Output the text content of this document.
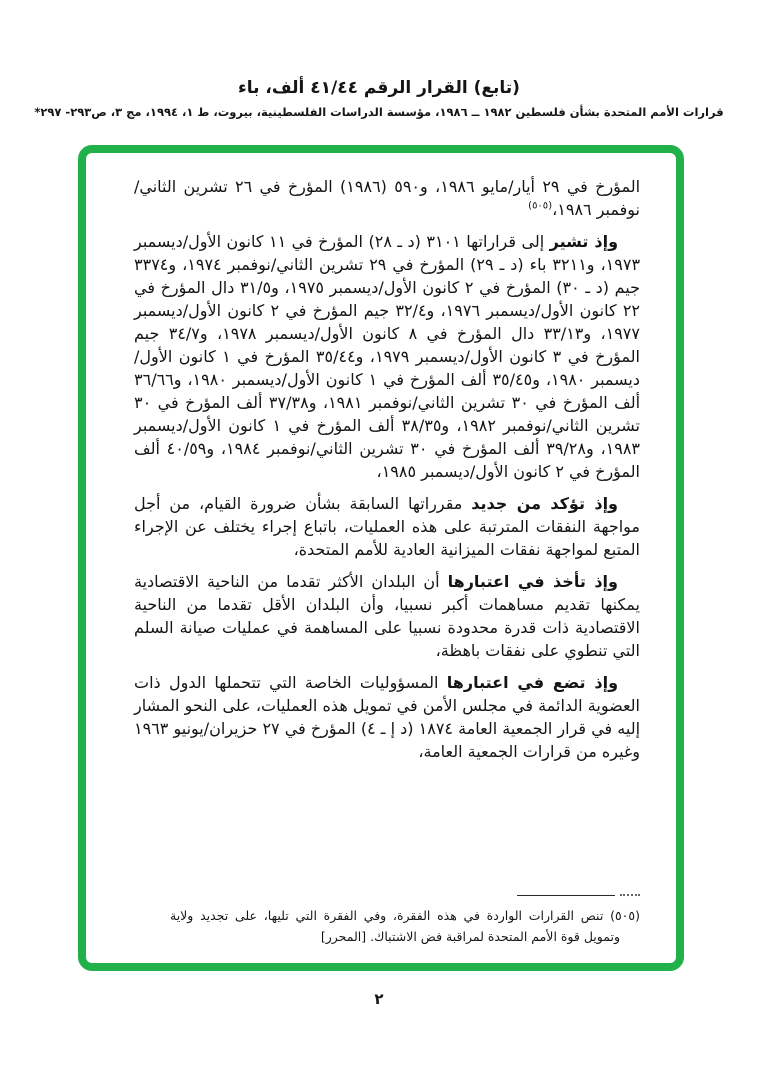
(تابع) القرار الرقم ٤١/٤٤ ألف، باء
قرارات الأمم المتحدة بشأن فلسطين ١٩٨٢ ــ ١٩٨٦، مؤسسة الدراسات الفلسطينية، بيروت، ط ١، ١٩٩٤، مج ٣، ص٢٩٣- ٢٩٧*

المؤرخ في ٢٩ أيار/مايو ١٩٨٦، و٥٩٠ (١٩٨٦) المؤرخ في ٢٦ تشرين الثاني/نوفمبر ١٩٨٦،$^{(٥٠٥)}$

وإذ تشير إلى قراراتها ٣١٠١ (د ـ ٢٨) المؤرخ في ١١ كانون الأول/ديسمبر ١٩٧٣، و٣٢١١ باء (د ـ ٢٩) المؤرخ في ٢٩ تشرين الثاني/نوفمبر ١٩٧٤، و٣٣٧٤ جيم (د ـ ٣٠) المؤرخ في ٢ كانون الأول/ديسمبر ١٩٧٥، و٣١/٥ دال المؤرخ في ٢٢ كانون الأول/ديسمبر ١٩٧٦، و٣٢/٤ جيم المؤرخ في ٢ كانون الأول/ديسمبر ١٩٧٧، و٣٣/١٣ دال المؤرخ في ٨ كانون الأول/ديسمبر ١٩٧٨، و٣٤/٧ جيم المؤرخ في ٣ كانون الأول/ديسمبر ١٩٧٩، و٣٥/٤٤ المؤرخ في ١ كانون الأول/ديسمبر ١٩٨٠، و٣٥/٤٥ ألف المؤرخ في ١ كانون الأول/ديسمبر ١٩٨٠، و٣٦/٦٦ ألف المؤرخ في ٣٠ تشرين الثاني/نوفمبر ١٩٨١، و٣٧/٣٨ ألف المؤرخ في ٣٠ تشرين الثاني/نوفمبر ١٩٨٢، و٣٨/٣٥ ألف المؤرخ في ١ كانون الأول/ديسمبر ١٩٨٣، و٣٩/٢٨ ألف المؤرخ في ٣٠ تشرين الثاني/نوفمبر ١٩٨٤، و٤٠/٥٩ ألف المؤرخ في ٢ كانون الأول/ديسمبر ١٩٨٥،

وإذ تؤكد من جديد مقرراتها السابقة بشأن ضرورة القيام، من أجل مواجهة النفقات المترتبة على هذه العمليات، باتباع إجراء يختلف عن الإجراء المتبع لمواجهة نفقات الميزانية العادية للأمم المتحدة،

وإذ تأخذ في اعتبارها أن البلدان الأكثر تقدما من الناحية الاقتصادية يمكنها تقديم مساهمات أكبر نسبيا، وأن البلدان الأقل تقدما من الناحية الاقتصادية ذات قدرة محدودة نسبيا على المساهمة في عمليات صيانة السلم التي تنطوي على نفقات باهظة،

وإذ تضع في اعتبارها المسؤوليات الخاصة التي تتحملها الدول ذات العضوية الدائمة في مجلس الأمن في تمويل هذه العمليات، على النحو المشار إليه في قرار الجمعية العامة ١٨٧٤ (د إ ـ ٤) المؤرخ في ٢٧ حزيران/يونيو ١٩٦٣ وغيره من قرارات الجمعية العامة،

(٥٠٥) تنص القرارات الواردة في هذه الفقرة، وفي الفقرة التي تليها، على تجديد ولاية وتمويل قوة الأمم المتحدة لمراقبة فض الاشتباك. [المحرر]

٢
